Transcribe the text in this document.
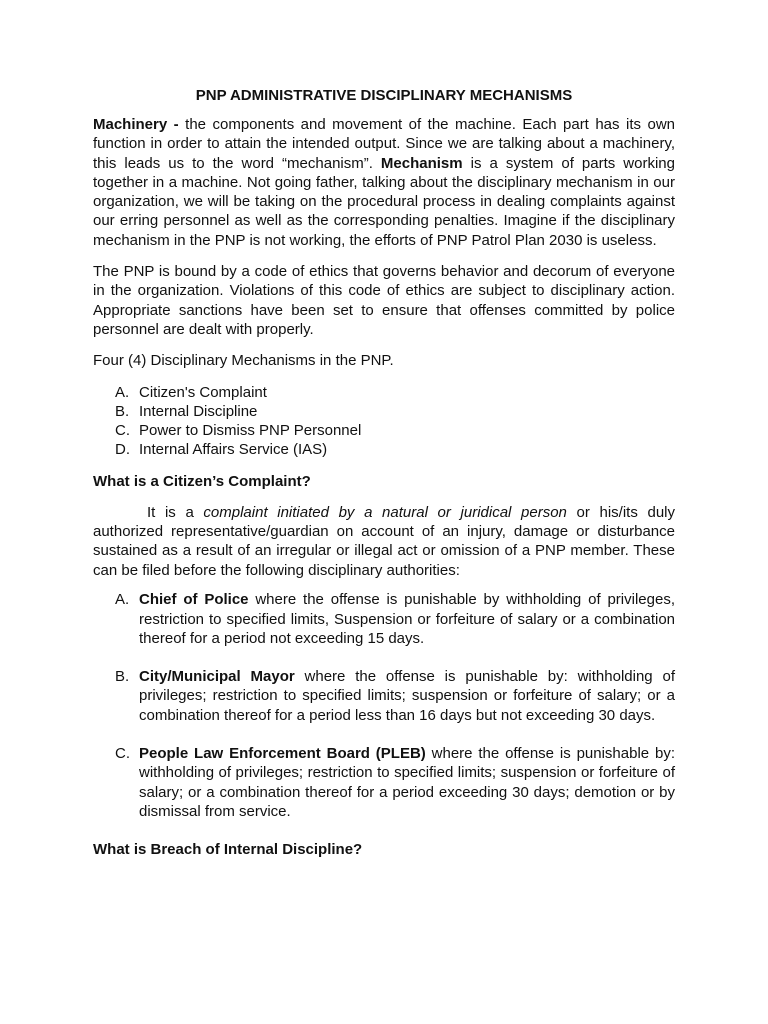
PNP ADMINISTRATIVE DISCIPLINARY MECHANISMS

Machinery - the components and movement of the machine. Each part has its own function in order to attain the intended output. Since we are talking about a machinery, this leads us to the word “mechanism”. Mechanism is a system of parts working together in a machine. Not going father, talking about the disciplinary mechanism in our organization, we will be taking on the procedural process in dealing complaints against our erring personnel as well as the corresponding penalties. Imagine if the disciplinary mechanism in the PNP is not working, the efforts of PNP Patrol Plan 2030 is useless.

The PNP is bound by a code of ethics that governs behavior and decorum of everyone in the organization. Violations of this code of ethics are subject to disciplinary action. Appropriate sanctions have been set to ensure that offenses committed by police personnel are dealt with properly.

Four (4) Disciplinary Mechanisms in the PNP.

A. Citizen's Complaint
B. Internal Discipline
C. Power to Dismiss PNP Personnel
D. Internal Affairs Service (IAS)
What is a Citizen’s Complaint?

It is a complaint initiated by a natural or juridical person or his/its duly authorized representative/guardian on account of an injury, damage or disturbance sustained as a result of an irregular or illegal act or omission of a PNP member. These can be filed before the following disciplinary authorities:

A. Chief of Police where the offense is punishable by withholding of privileges, restriction to specified limits, Suspension or forfeiture of salary or a combination thereof for a period not exceeding 15 days.
B. City/Municipal Mayor where the offense is punishable by: withholding of privileges; restriction to specified limits; suspension or forfeiture of salary; or a combination thereof for a period less than 16 days but not exceeding 30 days.
C. People Law Enforcement Board (PLEB) where the offense is punishable by: withholding of privileges; restriction to specified limits; suspension or forfeiture of salary; or a combination thereof for a period exceeding 30 days; demotion or by dismissal from service.
What is Breach of Internal Discipline?
